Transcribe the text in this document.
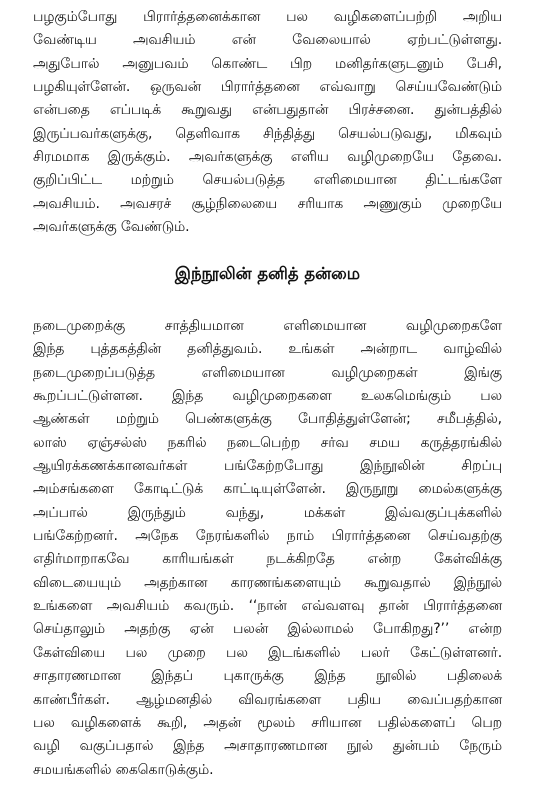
பழகும்போது பிரார்த்தனைக்கான பல வழிகளைப்பற்றி அறிய

வேண்டிய அவசியம் என் வேலையால் ஏற்பட்டுள்ளது.

அதுபோல் அனுபவம் கொண்ட பிற மனிதர்களுடனும் பேசி,

பழகியுள்ளேன். ஒருவன் பிரார்த்தனை எவ்வாறு செய்யவேண்டும்

என்பதை எப்படிக் கூறுவது என்பதுதான் பிரச்சனை. துன்பத்தில்

இருப்பவர்களுக்கு, தெளிவாக சிந்தித்து செயல்படுவது, மிகவும்

சிரமமாக இருக்கும். அவர்களுக்கு எளிய வழிமுறையே தேவை.

குறிப்பிட்ட மற்றும் செயல்படுத்த எளிமையான திட்டங்களே

அவசியம். அவசரச் சூழ்நிலையை சரியாக அணுகும் முறையே

அவர்களுக்கு வேண்டும்.

இந்நூலின் தனித் தன்மை

நடைமுறைக்கு சாத்தியமான எளிமையான வழிமுறைகளே

இந்த புத்தகத்தின் தனித்துவம். உங்கள் அன்றாட வாழ்வில்

நடைமுறைப்படுத்த எளிமையான வழிமுறைகள் இங்கு

கூறப்பட்டுள்ளன. இந்த வழிமுறைகளை உலகமெங்கும் பல

ஆண்கள் மற்றும் பெண்களுக்கு போதித்துள்ளேன்; சமீபத்தில்,

லாஸ் ஏஞ்சல்ஸ் நகரில் நடைபெற்ற சர்வ சமய கருத்தரங்கில்

ஆயிரக்கணக்கானவர்கள் பங்கேற்றபோது இந்நூலின் சிறப்பு

அம்சங்களை கோடிட்டுக் காட்டியுள்ளேன். இருநூறு மைல்களுக்கு

அப்பால் இருந்தும் வந்து, மக்கள் இவ்வகுப்புக்களில்

பங்கேற்றனர். அநேக நேரங்களில் நாம் பிரார்த்தனை செய்வதற்கு

எதிர்மாறாகவே காரியங்கள் நடக்கிறதே என்ற கேள்விக்கு

விடையையும் அதற்கான காரணங்களையும் கூறுவதால் இந்நூல்

உங்களை அவசியம் கவரும். ‘‘நான் எவ்வளவு தான் பிரார்த்தனை

செய்தாலும் அதற்கு ஏன் பலன் இல்லாமல் போகிறது?’’ என்ற

கேள்வியை பல முறை பல இடங்களில் பலர் கேட்டுள்ளனர்.

சாதாரணமான இந்தப் புகாருக்கு இந்த நூலில் பதிலைக்

காண்பீர்கள். ஆழ்மனதில் விவரங்களை பதிய வைப்பதற்கான

பல வழிகளைக் கூறி, அதன் மூலம் சரியான பதில்களைப் பெற

வழி வகுப்பதால் இந்த அசாதாரணமான நூல் துன்பம் நேரும்

சமயங்களில் கைகொடுக்கும்.
